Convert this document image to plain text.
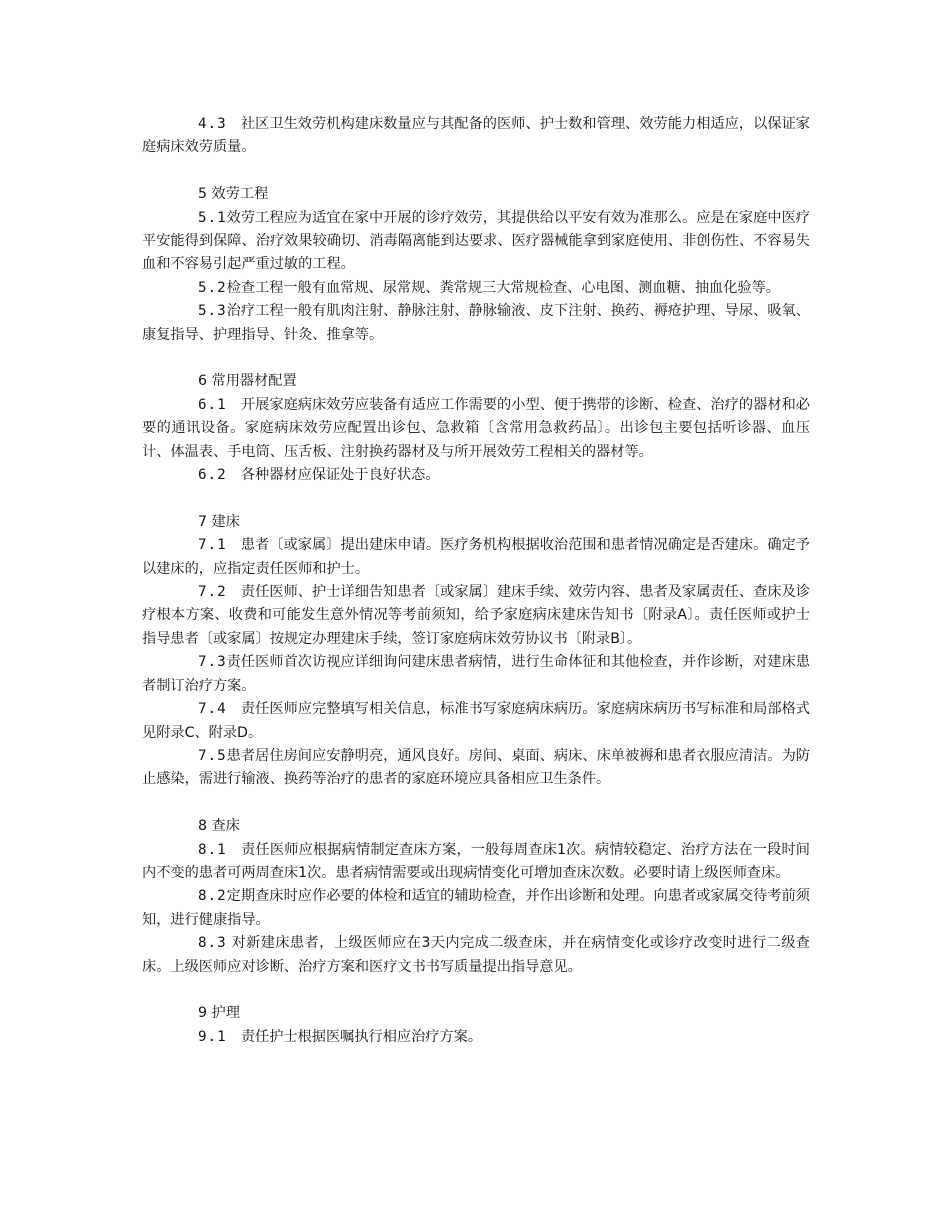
4.3　社区卫生效劳机构建床数量应与其配备的医师、护士数和管理、效劳能力相适应，以保证家庭病床效劳质量。

5 效劳工程

5.1效劳工程应为适宜在家中开展的诊疗效劳，其提供给以平安有效为准那么。应是在家庭中医疗平安能得到保障、治疗效果较确切、消毒隔离能到达要求、医疗器械能拿到家庭使用、非创伤性、不容易失血和不容易引起严重过敏的工程。

5.2检查工程一般有血常规、尿常规、粪常规三大常规检查、心电图、测血糖、抽血化验等。

5.3治疗工程一般有肌肉注射、静脉注射、静脉输液、皮下注射、换药、褥疮护理、导尿、吸氧、康复指导、护理指导、针灸、推拿等。

6 常用器材配置

6.1　开展家庭病床效劳应装备有适应工作需要的小型、便于携带的诊断、检查、治疗的器材和必要的通讯设备。家庭病床效劳应配置出诊包、急救箱〔含常用急救药品〕。出诊包主要包括听诊器、血压计、体温表、手电筒、压舌板、注射换药器材及与所开展效劳工程相关的器材等。

6.2　各种器材应保证处于良好状态。

7 建床

7.1　患者〔或家属〕提出建床申请。医疗务机构根据收治范围和患者情况确定是否建床。确定予以建床的，应指定责任医师和护士。

7.2　责任医师、护士详细告知患者〔或家属〕建床手续、效劳内容、患者及家属责任、查床及诊疗根本方案、收费和可能发生意外情况等考前须知，给予家庭病床建床告知书〔附录A〕。责任医师或护士指导患者〔或家属〕按规定办理建床手续，签订家庭病床效劳协议书〔附录B〕。

7.3责任医师首次访视应详细询问建床患者病情，进行生命体征和其他检查，并作诊断，对建床患者制订治疗方案。

7.4　责任医师应完整填写相关信息，标准书写家庭病床病历。家庭病床病历书写标准和局部格式见附录C、附录D。

7.5患者居住房间应安静明亮，通风良好。房间、桌面、病床、床单被褥和患者衣服应清洁。为防止感染，需进行输液、换药等治疗的患者的家庭环境应具备相应卫生条件。

8 查床

8.1　责任医师应根据病情制定查床方案，一般每周查床1次。病情较稳定、治疗方法在一段时间内不变的患者可两周查床1次。患者病情需要或出现病情变化可增加查床次数。必要时请上级医师查床。

8.2定期查床时应作必要的体检和适宜的辅助检查，并作出诊断和处理。向患者或家属交待考前须知，进行健康指导。

8.3 对新建床患者，上级医师应在3天内完成二级查床，并在病情变化或诊疗改变时进行二级查床。上级医师应对诊断、治疗方案和医疗文书书写质量提出指导意见。

9 护理

9.1　责任护士根据医嘱执行相应治疗方案。
